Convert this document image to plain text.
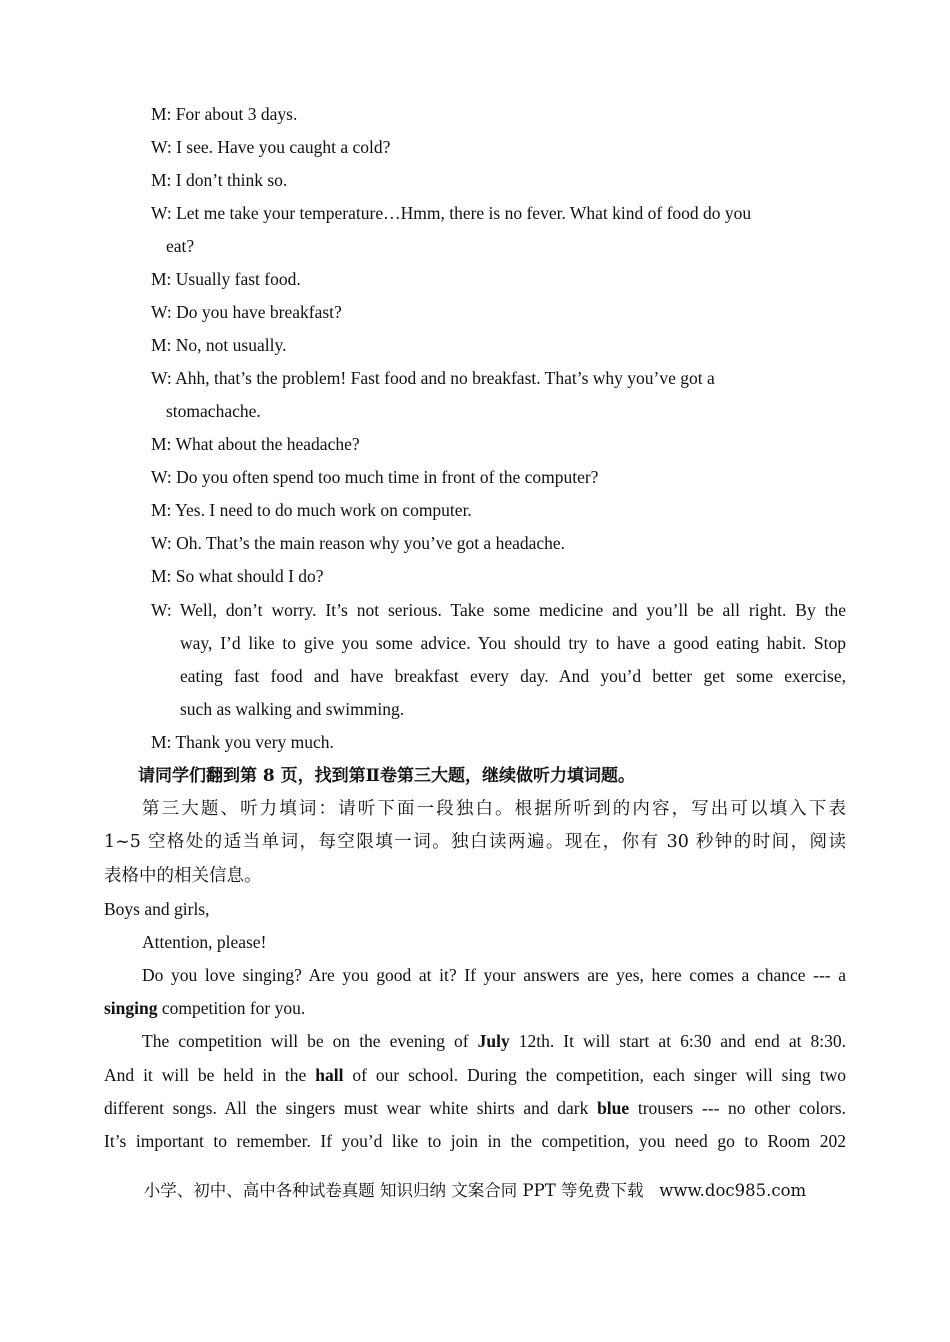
M: For about 3 days.
W: I see. Have you caught a cold?
M: I don’t think so.
W: Let me take your temperature…Hmm, there is no fever. What kind of food do you
eat?
M: Usually fast food.
W: Do you have breakfast?
M: No, not usually.
W: Ahh, that’s the problem! Fast food and no breakfast. That’s why you’ve got a
stomachache.
M: What about the headache?
W: Do you often spend too much time in front of the computer?
M: Yes. I need to do much work on computer.
W: Oh. That’s the main reason why you’ve got a headache.
M: So what should I do?
W: Well, don’t worry. It’s not serious. Take some medicine and you’ll be all right. By the
way, I’d like to give you some advice. You should try to have a good eating habit. Stop
eating fast food and have breakfast every day. And you’d better get some exercise,
such as walking and swimming.
M: Thank you very much.
请同学们翻到第 8 页，找到第Ⅱ卷第三大题，继续做听力填词题。
第三大题、听力填词：请听下面一段独白。根据所听到的内容，写出可以填入下表
1~5 空格处的适当单词，每空限填一词。独白读两遍。现在，你有 30 秒钟的时间，阅读
表格中的相关信息。
Boys and girls,
Attention, please!
Do you love singing? Are you good at it? If your answers are yes, here comes a chance --- a
singing competition for you.
The competition will be on the evening of July 12th. It will start at 6:30 and end at 8:30.
And it will be held in the hall of our school. During the competition, each singer will sing two
different songs. All the singers must wear white shirts and dark blue trousers --- no other colors.
It’s important to remember. If you’d like to join in the competition, you need go to Room 202
小学、初中、高中各种试卷真题 知识归纳 文案合同 PPT 等免费下载 www.doc985.com
